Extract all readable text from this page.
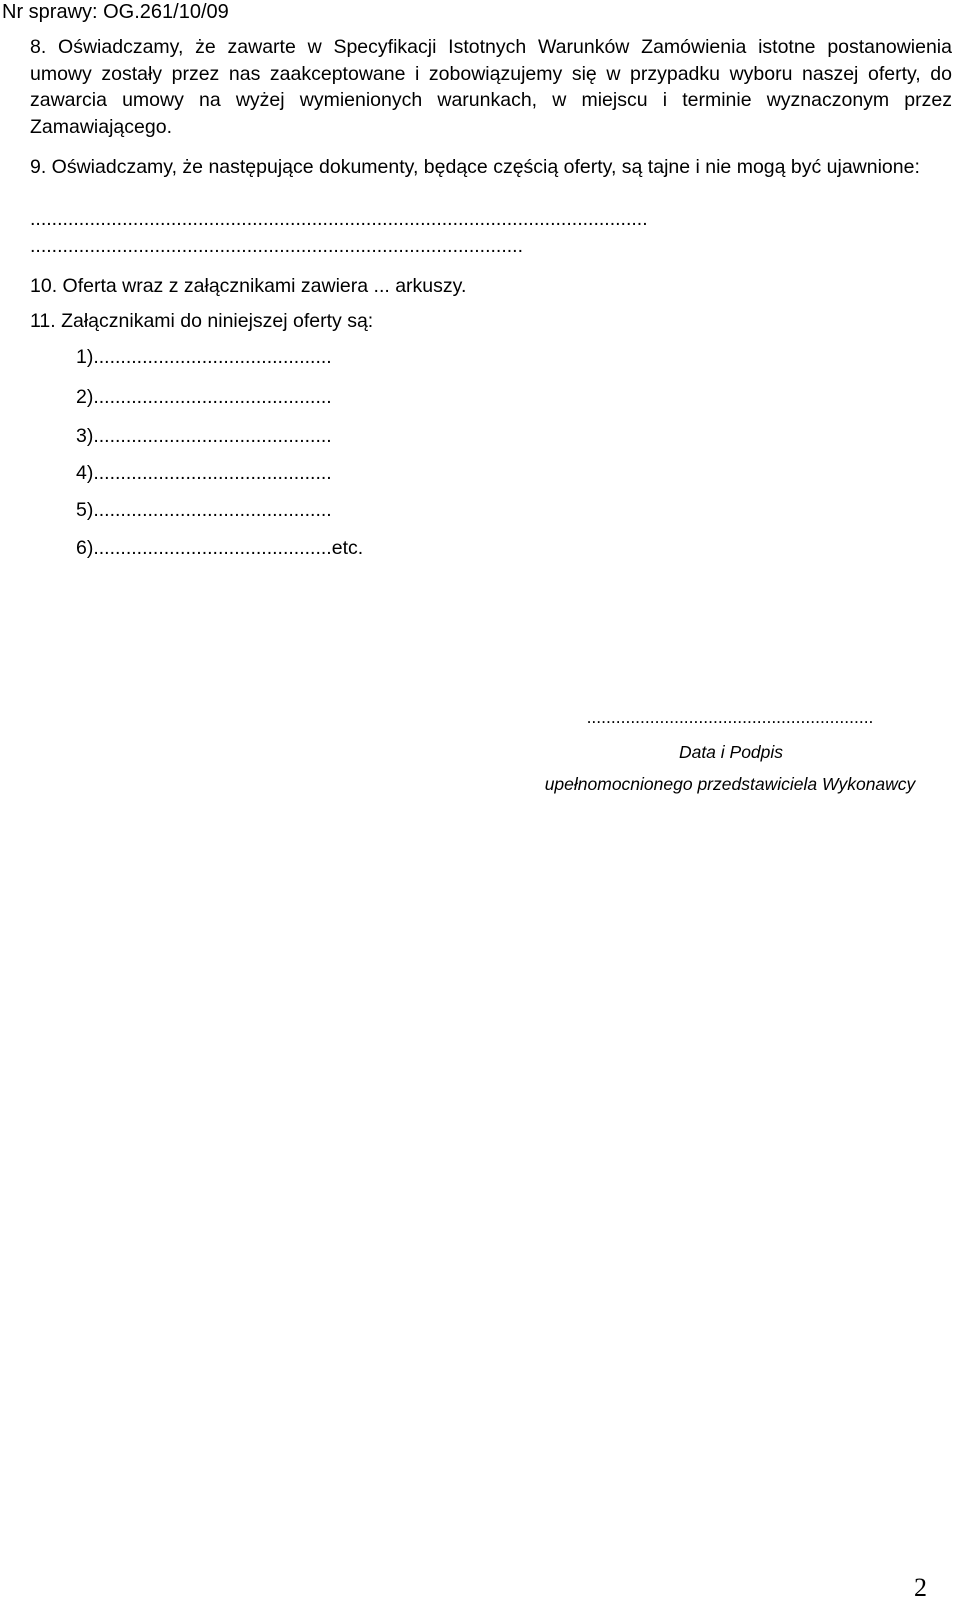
Nr sprawy: OG.261/10/09
8. Oświadczamy, że zawarte w Specyfikacji Istotnych Warunków Zamówienia istotne postanowienia umowy zostały przez nas zaakceptowane i zobowiązujemy się w przypadku wyboru naszej oferty, do zawarcia umowy na wyżej wymienionych warunkach, w miejscu i terminie wyznaczonym przez Zamawiającego.
9. Oświadczamy, że następujące dokumenty, będące częścią oferty, są tajne i nie mogą być ujawnione:
..................................................................................................................
...........................................................................................
10. Oferta wraz z załącznikami zawiera ... arkuszy.
11. Załącznikami do niniejszej oferty są:
1)............................................
2)............................................
3)............................................
4)............................................
5)............................................
6)............................................etc.
...........................................................
Data i Podpis
upełnomocnionego przedstawiciela Wykonawcy
2
